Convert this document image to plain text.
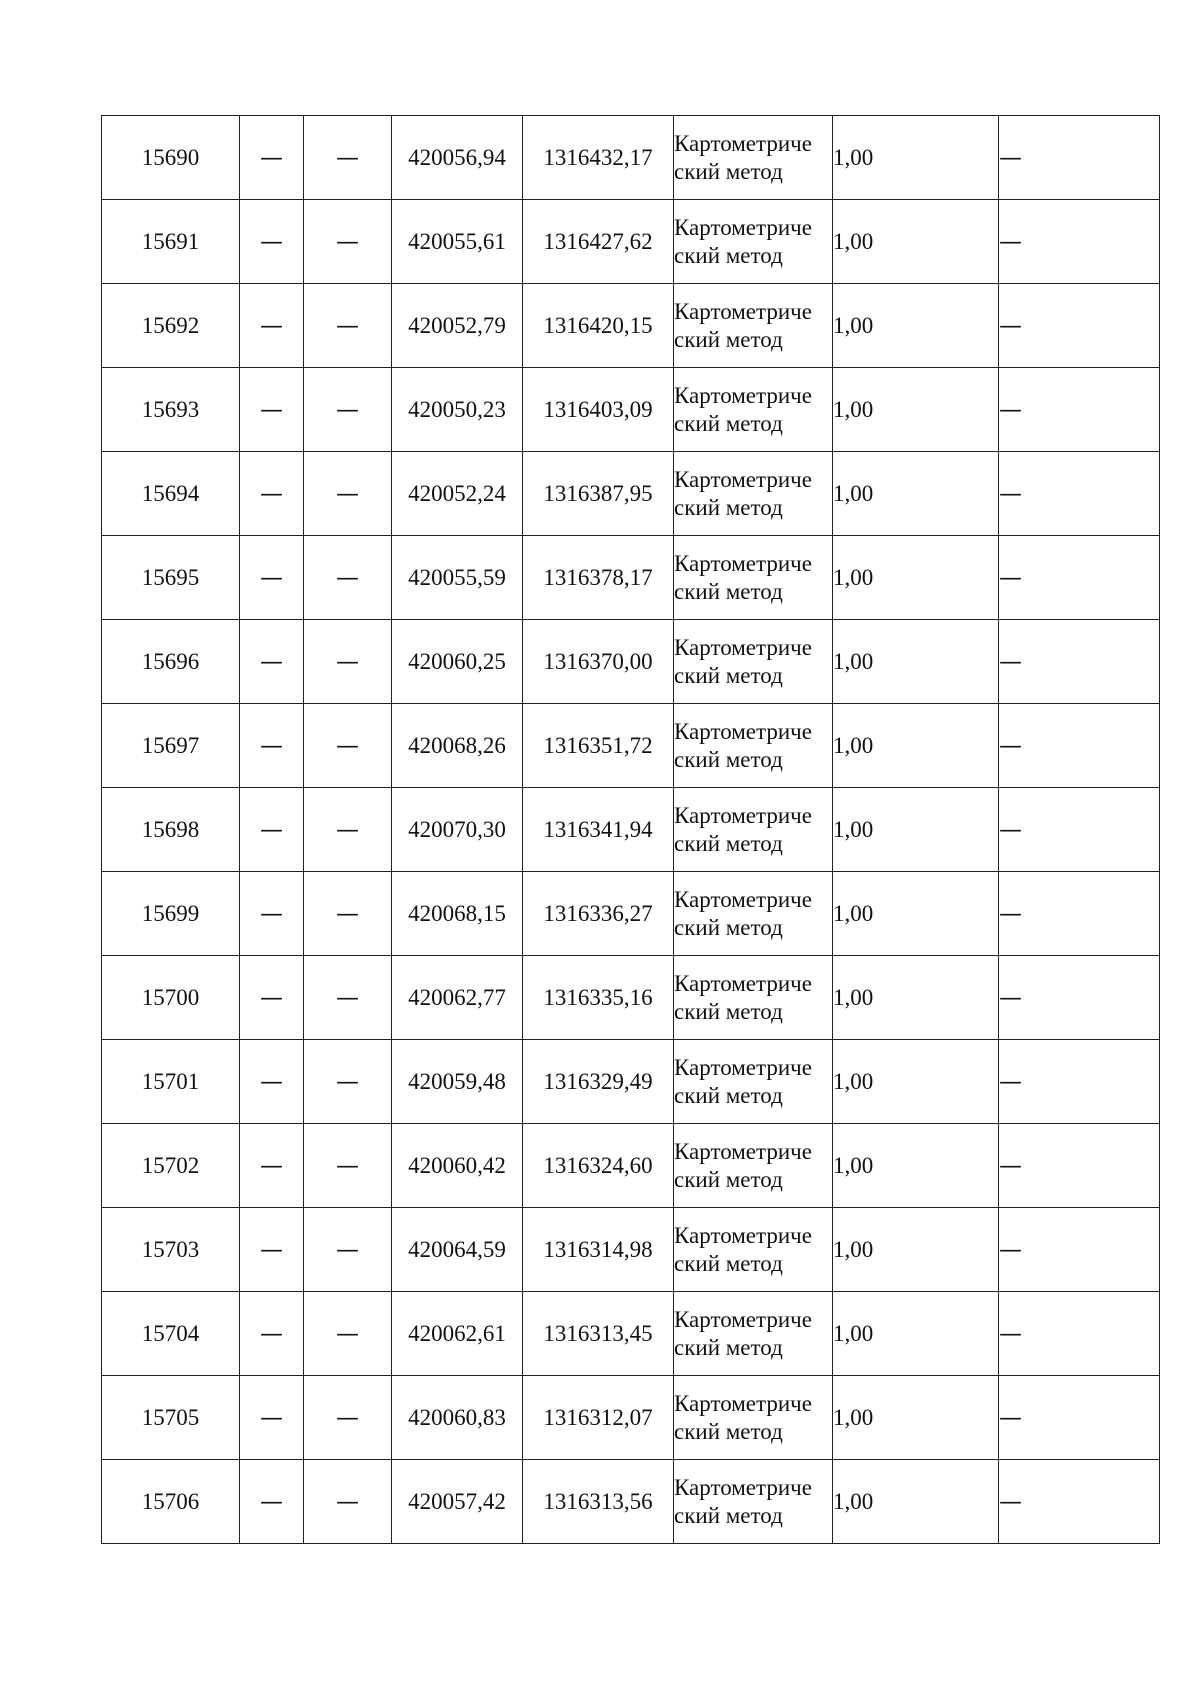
15690	—	—	420056,94	1316432,17	Картометрический метод	1,00	—
15691	—	—	420055,61	1316427,62	Картометрический метод	1,00	—
15692	—	—	420052,79	1316420,15	Картометрический метод	1,00	—
15693	—	—	420050,23	1316403,09	Картометрический метод	1,00	—
15694	—	—	420052,24	1316387,95	Картометрический метод	1,00	—
15695	—	—	420055,59	1316378,17	Картометрический метод	1,00	—
15696	—	—	420060,25	1316370,00	Картометрический метод	1,00	—
15697	—	—	420068,26	1316351,72	Картометрический метод	1,00	—
15698	—	—	420070,30	1316341,94	Картометрический метод	1,00	—
15699	—	—	420068,15	1316336,27	Картометрический метод	1,00	—
15700	—	—	420062,77	1316335,16	Картометрический метод	1,00	—
15701	—	—	420059,48	1316329,49	Картометрический метод	1,00	—
15702	—	—	420060,42	1316324,60	Картометрический метод	1,00	—
15703	—	—	420064,59	1316314,98	Картометрический метод	1,00	—
15704	—	—	420062,61	1316313,45	Картометрический метод	1,00	—
15705	—	—	420060,83	1316312,07	Картометрический метод	1,00	—
15706	—	—	420057,42	1316313,56	Картометрический метод	1,00	—
